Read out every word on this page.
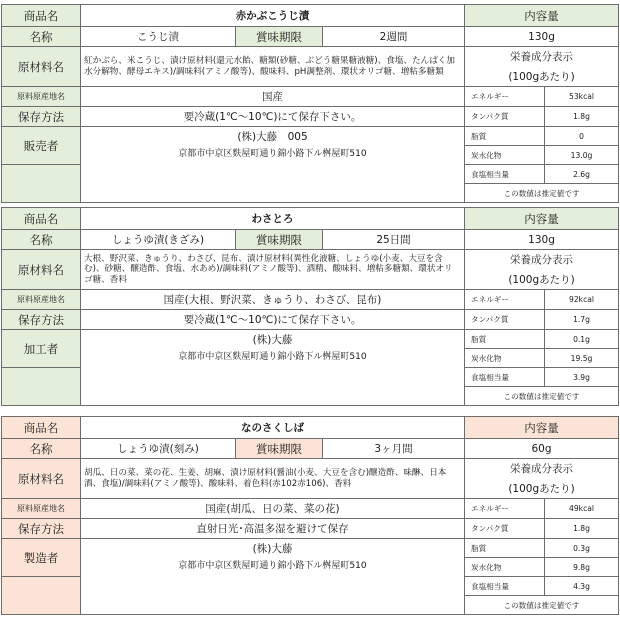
商品名	赤かぶこうじ漬			内容量	
名称	こうじ漬	賞味期限	2週間	130g	
原材料名	紅かぶら、米こうじ、漬け原材料(還元水飴、糖類(砂糖、ぶどう糖果糖液糖)、食塩、たんぱく加水分解物、酵母エキス)/調味料(アミノ酸等)、酸味料、pH調整剤、環状オリゴ糖、増粘多糖類			栄養成分表示	
				(100gあたり)	
原料原産地名	国産			エネルギー	53kcal
保存方法	要冷蔵(1℃～10℃)にて保存下さい。			タンパク質	1.8g
販売者	(株)大藤　005			脂質	0
	京都市中京区麩屋町通り錦小路下ル桝屋町510			炭水化物	13.0g
				食塩相当量	2.6g
				この数値は推定値です	
商品名	わさとろ			内容量	
名称	しょうゆ漬(きざみ)	賞味期限	25日間	130g	
原材料名	大根、野沢菜、きゅうり、わさび、昆布、漬け原材料(異性化液糖、しょうゆ(小麦、大豆を含む)、砂糖、醸造酢、食塩、水あめ)/調味料(アミノ酸等)、酒精、酸味料、増粘多糖類、環状オリゴ糖、香料			栄養成分表示	
				(100gあたり)	
原料原産地名	国産(大根、野沢菜、きゅうり、わさび、昆布)			エネルギー	92kcal
保存方法	要冷蔵(1℃～10℃)にて保存下さい。			タンパク質	1.7g
加工者	(株)大藤			脂質	0.1g
	京都市中京区麩屋町通り錦小路下ル桝屋町510			炭水化物	19.5g
				食塩相当量	3.9g
				この数値は推定値です	
商品名	なのさくしば			内容量	
名称	しょうゆ漬(刻み)	賞味期限	3ヶ月間	60g	
原材料名	胡瓜、日の菜、菜の花、生姜、胡麻、漬け原材料(醤油(小麦、大豆を含む)醸造酢、味醂、日本酒、食塩)/調味料(アミノ酸等)、酸味料、着色料(赤102赤106)、香料			栄養成分表示	
				(100gあたり)	
原料原産地名	国産(胡瓜、日の菜、菜の花)			エネルギー	49kcal
保存方法	直射日光･高温多湿を避けて保存			タンパク質	1.8g
製造者	(株)大藤			脂質	0.3g
	京都市中京区麩屋町通り錦小路下ル桝屋町510			炭水化物	9.8g
				食塩相当量	4.3g
				この数値は推定値です	
